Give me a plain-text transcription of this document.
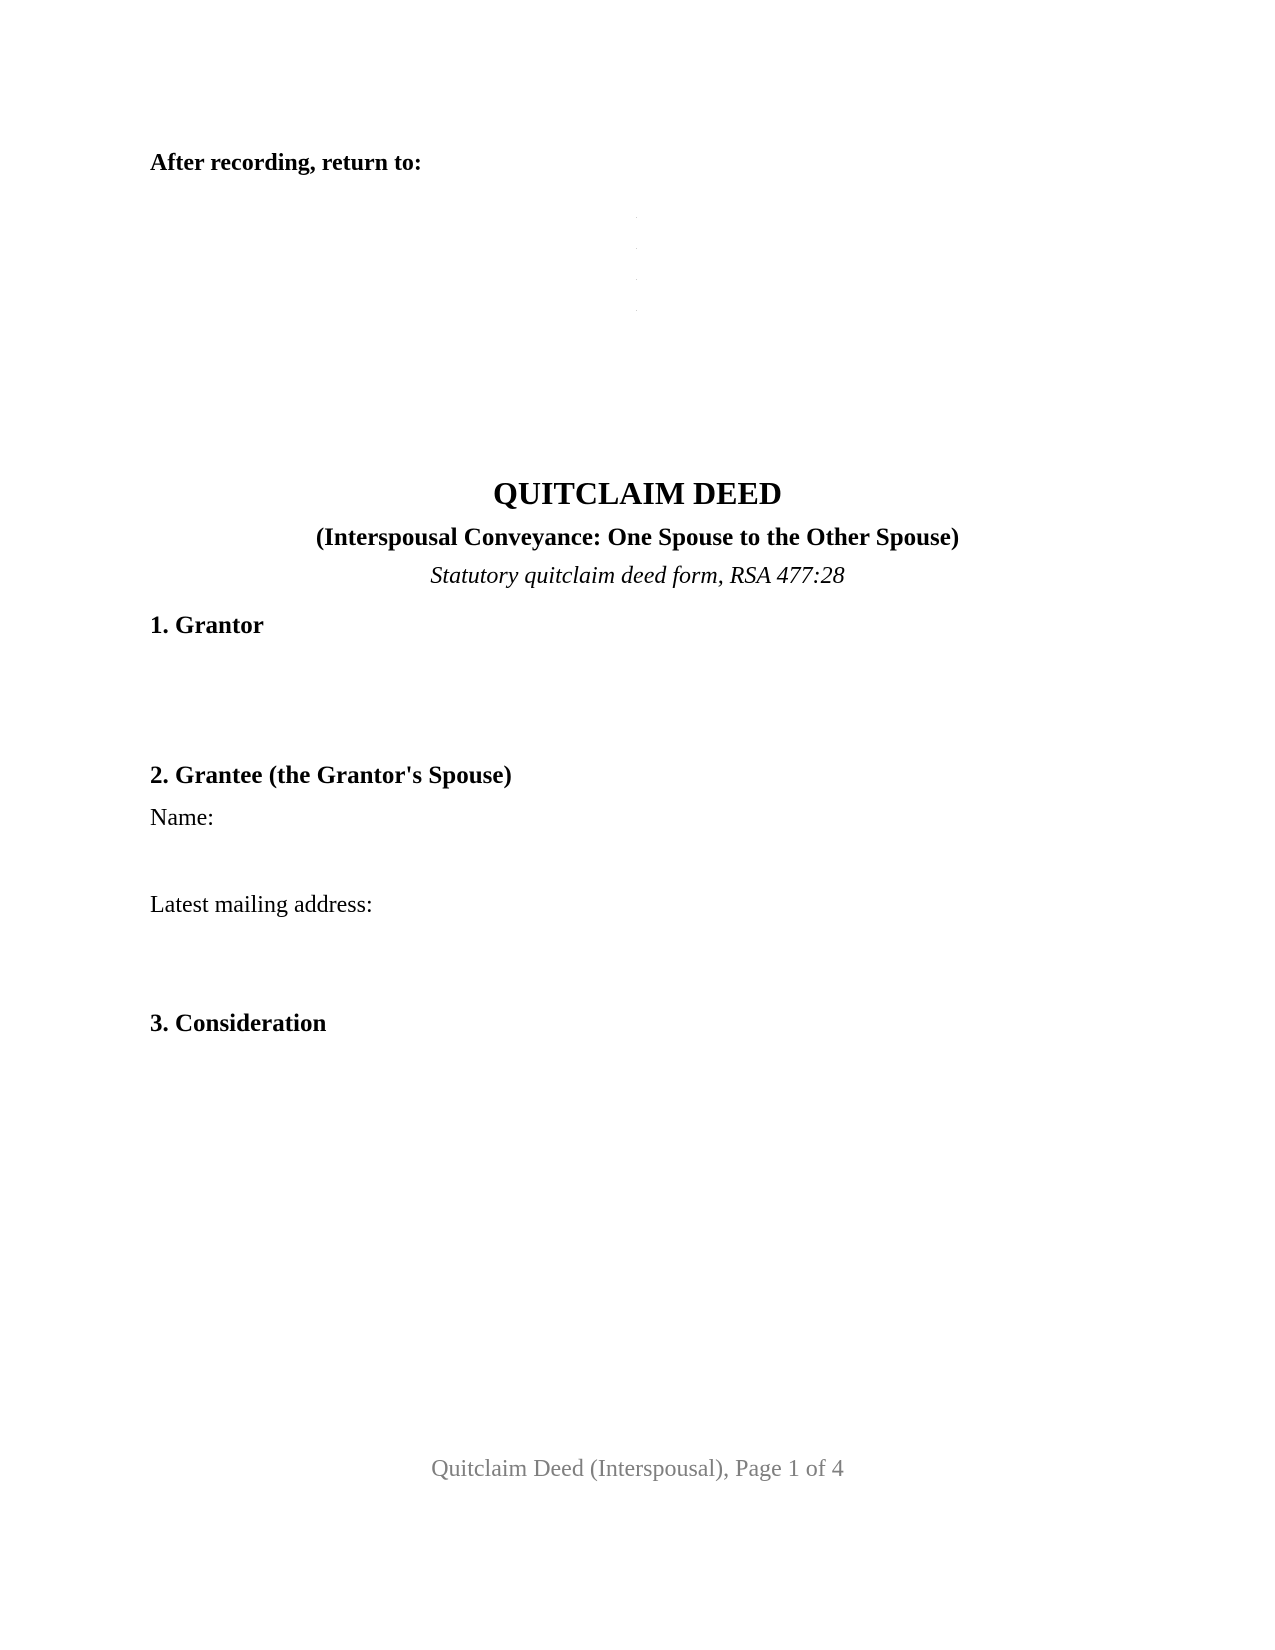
After recording, return to:
QUITCLAIM DEED
(Interspousal Conveyance: One Spouse to the Other Spouse)
Statutory quitclaim deed form, RSA 477:28
1. Grantor
2. Grantee (the Grantor's Spouse)
Name:
Latest mailing address:
3. Consideration
Quitclaim Deed (Interspousal), Page 1 of 4
